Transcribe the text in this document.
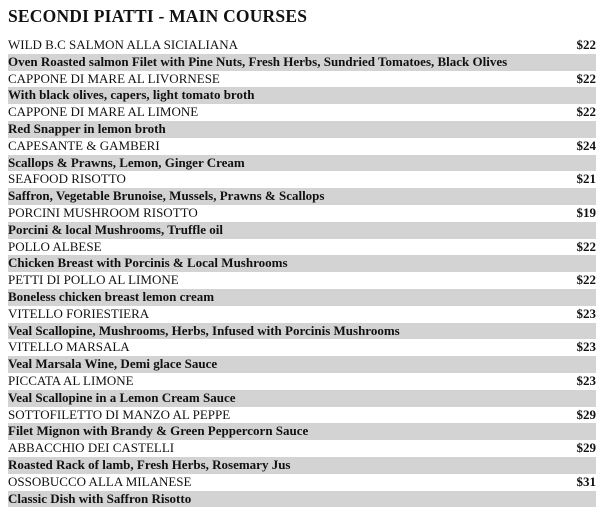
SECONDI PIATTI - MAIN COURSES
WILD B.C SALMON ALLA SICIALIANA	$22
Oven Roasted salmon Filet with Pine Nuts, Fresh Herbs, Sundried Tomatoes, Black Olives
CAPPONE DI MARE AL LIVORNESE	$22
With black olives, capers, light tomato broth
CAPPONE DI MARE AL LIMONE	$22
Red Snapper in lemon broth
CAPESANTE & GAMBERI	$24
Scallops & Prawns, Lemon, Ginger Cream
SEAFOOD RISOTTO	$21
Saffron, Vegetable Brunoise, Mussels, Prawns & Scallops
PORCINI MUSHROOM RISOTTO	$19
Porcini & local Mushrooms, Truffle oil
POLLO ALBESE	$22
Chicken Breast with Porcinis & Local Mushrooms
PETTI DI POLLO AL LIMONE	$22
Boneless chicken breast lemon cream
VITELLO FORIESTIERA	$23
Veal Scallopine, Mushrooms, Herbs, Infused with Porcinis Mushrooms
VITELLO MARSALA	$23
Veal Marsala Wine, Demi glace Sauce
PICCATA AL LIMONE	$23
Veal Scallopine in a Lemon Cream Sauce
SOTTOFILETTO DI MANZO AL PEPPE	$29
Filet Mignon with Brandy & Green Peppercorn Sauce
ABBACCHIO DEI CASTELLI	$29
Roasted Rack of lamb, Fresh Herbs, Rosemary Jus
OSSOBUCCO ALLA MILANESE	$31
Classic Dish with Saffron Risotto
